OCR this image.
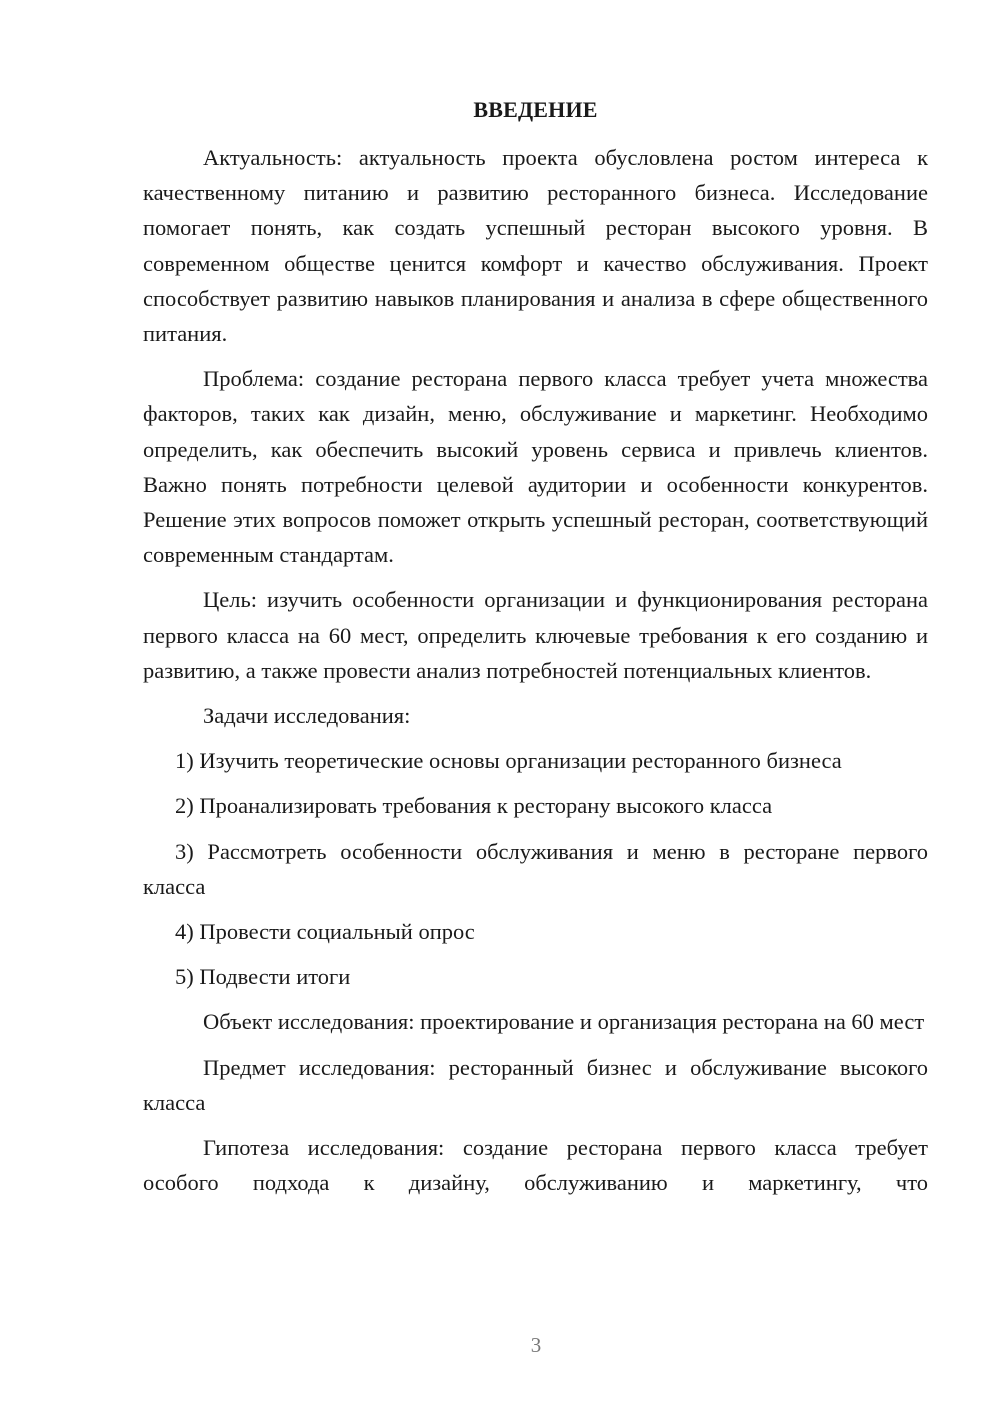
ВВЕДЕНИЕ

Актуальность: актуальность проекта обусловлена ростом интереса к качественному питанию и развитию ресторанного бизнеса. Исследование помогает понять, как создать успешный ресторан высокого уровня. В современном обществе ценится комфорт и качество обслуживания. Проект способствует развитию навыков планирования и анализа в сфере общественного питания.

Проблема: создание ресторана первого класса требует учета множества факторов, таких как дизайн, меню, обслуживание и маркетинг. Необходимо определить, как обеспечить высокий уровень сервиса и привлечь клиентов. Важно понять потребности целевой аудитории и особенности конкурентов. Решение этих вопросов поможет открыть успешный ресторан, соответствующий современным стандартам.

Цель: изучить особенности организации и функционирования ресторана первого класса на 60 мест, определить ключевые требования к его созданию и развитию, а также провести анализ потребностей потенциальных клиентов.

Задачи исследования:

1) Изучить теоретические основы организации ресторанного бизнеса

2) Проанализировать требования к ресторану высокого класса

3) Рассмотреть особенности обслуживания и меню в ресторане первого класса

4) Провести социальный опрос

5) Подвести итоги

Объект исследования: проектирование и организация ресторана на 60 мест

Предмет исследования: ресторанный бизнес и обслуживание высокого класса

Гипотеза исследования: создание ресторана первого класса требует особого подхода к дизайну, обслуживанию и маркетингу, что

3
